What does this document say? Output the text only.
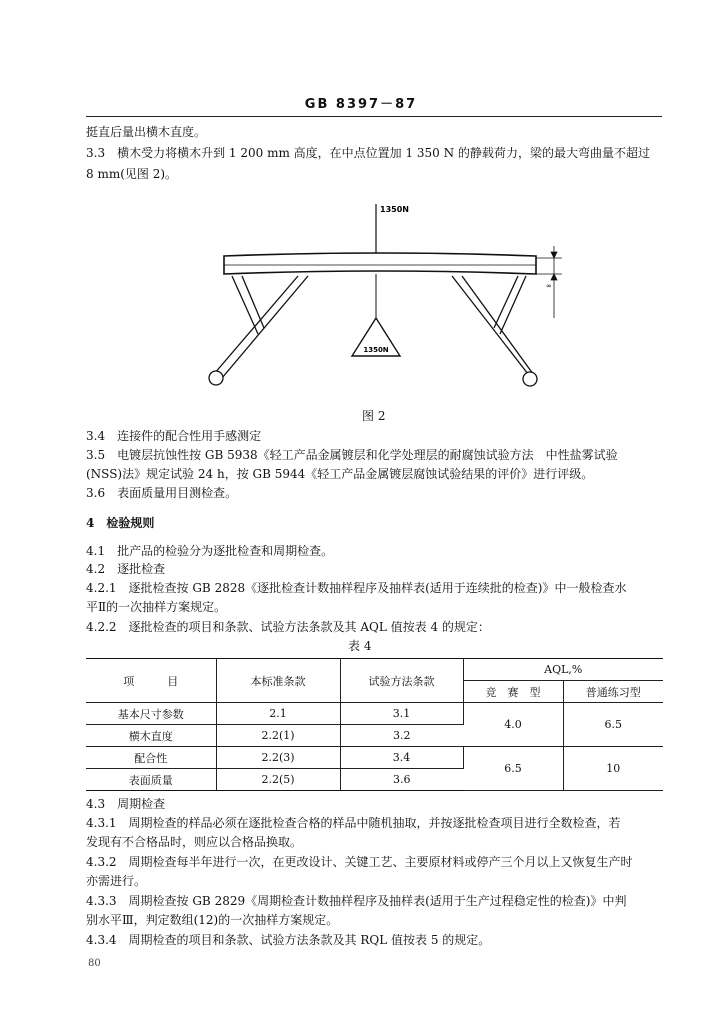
GB 8397－87
挺直后量出横木直度。
3.3　横木受力将横木升到 1 200 mm 高度，在中点位置加 1 350 N 的静载荷力，梁的最大弯曲量不超过
8 mm(见图 2)。
1350N
1350N
∞
图 2
3.4　连接件的配合性用手感测定
3.5　电镀层抗蚀性按 GB 5938《轻工产品金属镀层和化学处理层的耐腐蚀试验方法　中性盐雾试验
(NSS)法》规定试验 24 h，按 GB 5944《轻工产品金属镀层腐蚀试验结果的评价》进行评级。
3.6　表面质量用目测检查。
4　检验规则
4.1　批产品的检验分为逐批检查和周期检查。
4.2　逐批检查
4.2.1　逐批检查按 GB 2828《逐批检查计数抽样程序及抽样表(适用于连续批的检查)》中一般检查水
平Ⅱ的一次抽样方案规定。
4.2.2　逐批检查的项目和条款、试验方法条款及其 AQL 值按表 4 的规定：
表 4
项　　　目	本标准条款	试验方法条款	AQL,%	
			竞　赛　型	普通练习型
基本尺寸参数	2.1	3.1	4.0	6.5
横木直度	2.2(1)	3.2		
配合性	2.2(3)	3.4	6.5	10
表面质量	2.2(5)	3.6		
4.3　周期检查
4.3.1　周期检查的样品必须在逐批检查合格的样品中随机抽取，并按逐批检查项目进行全数检查，若
发现有不合格品时，则应以合格品换取。
4.3.2　周期检查每半年进行一次，在更改设计、关键工艺、主要原材料或停产三个月以上又恢复生产时
亦需进行。
4.3.3　周期检查按 GB 2829《周期检查计数抽样程序及抽样表(适用于生产过程稳定性的检查)》中判
别水平Ⅲ，判定数组(12)的一次抽样方案规定。
4.3.4　周期检查的项目和条款、试验方法条款及其 RQL 值按表 5 的规定。
80
